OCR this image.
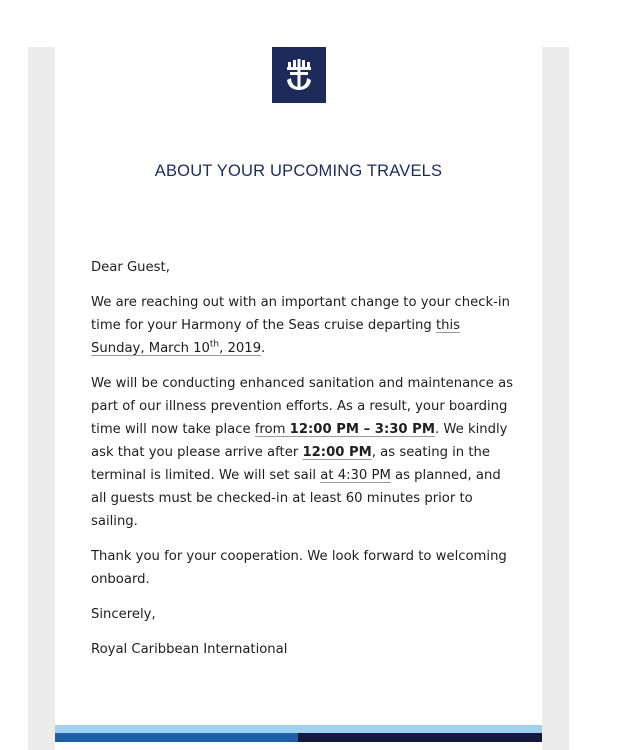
ABOUT YOUR UPCOMING TRAVELS

Dear Guest,

We are reaching out with an important change to your check-in time for your Harmony of the Seas cruise departing this Sunday, March 10th, 2019.

We will be conducting enhanced sanitation and maintenance as part of our illness prevention efforts. As a result, your boarding time will now take place from 12:00 PM – 3:30 PM. We kindly ask that you please arrive after 12:00 PM, as seating in the terminal is limited. We will set sail at 4:30 PM as planned, and all guests must be checked-in at least 60 minutes prior to sailing.

Thank you for your cooperation. We look forward to welcoming onboard.

Sincerely,

Royal Caribbean International
